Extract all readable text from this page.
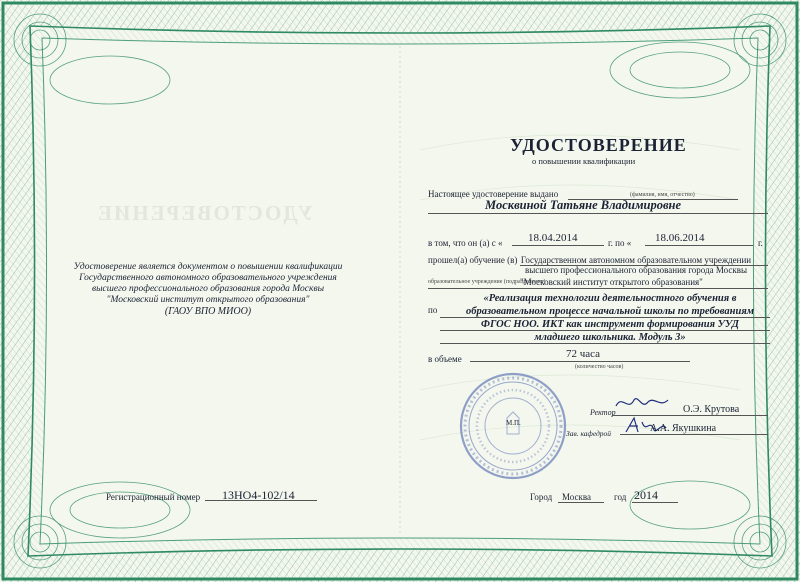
УДОСТОВЕРЕНИЕ
Удостоверение является документом о повышении квалификации
Государственного автономного образовательного учреждения
высшего профессионального образования города Москвы
"Московский институт открытого образования"
(ГАОУ ВПО МИОО)
Регистрационный номер 13НО4-102/14
УДОСТОВЕРЕНИЕ
о повышении квалификации
Настоящее удостоверение выдано	(фамилия, имя, отчество)
Москвиной Татьяне Владимировне
в том, что он (а) с « 18.04.2014	г. по « 18.06.2014	г.
прошел(а) обучение (в) Государственном автономном образовательном учреждении
высшего профессионального образования города Москвы
образовательное учреждение (подразделение)
"Московский институт открытого образования"
по
«Реализация технологии деятельностного обучения в
образовательном процессе начальной школы по требованиям
ФГОС НОО. ИКТ как инструмент формирования УУД
младшего школьника. Модуль 3»
в объеме	72 часа
(количество часов)
М.П.
Ректор	О.Э. Крутова
Зав. кафедрой	А.А. Якушкина
Город Москва	год 2014
